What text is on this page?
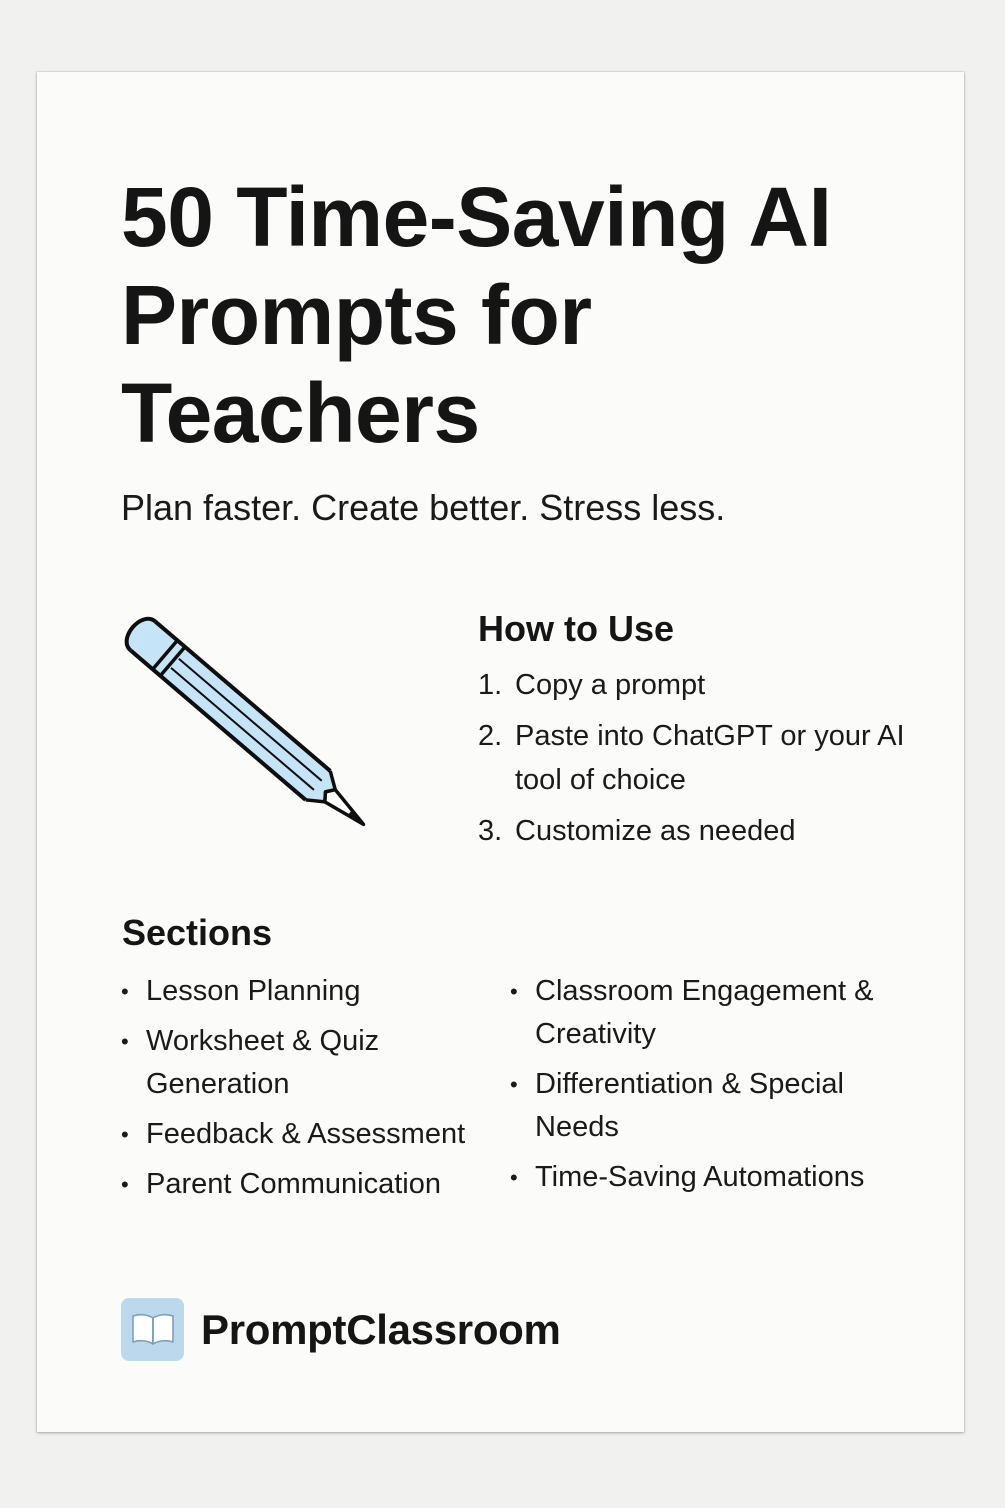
50 Time-Saving AI Prompts for Teachers

Plan faster. Create better. Stress less.

How to Use
1. Copy a prompt
2. Paste into ChatGPT or your AI tool of choice
3. Customize as needed
Sections
• Lesson Planning
• Worksheet & Quiz Generation
• Feedback & Assessment
• Parent Communication
• Classroom Engagement & Creativity
• Differentiation & Special Needs
• Time-Saving Automations
PromptClassroom
